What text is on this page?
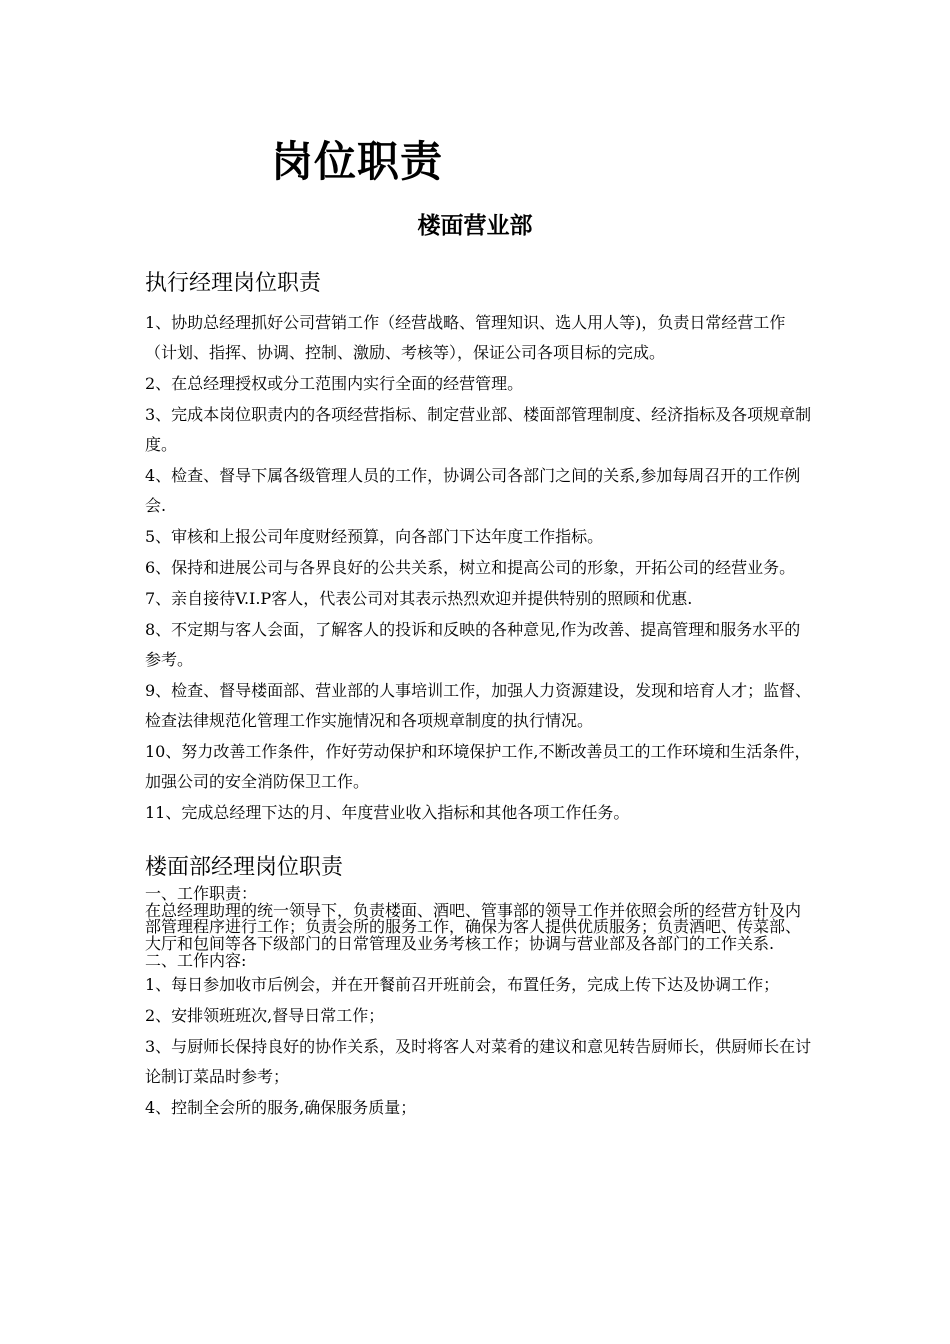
岗位职责
楼面营业部
执行经理岗位职责
1、协助总经理抓好公司营销工作（经营战略、管理知识、选人用人等)，负责日常经营工作（计划、指挥、协调、控制、激励、考核等），保证公司各项目标的完成。
2、在总经理授权或分工范围内实行全面的经营管理。
3、完成本岗位职责内的各项经营指标、制定营业部、楼面部管理制度、经济指标及各项规章制度。
4、检查、督导下属各级管理人员的工作，协调公司各部门之间的关系,参加每周召开的工作例会.
5、审核和上报公司年度财经预算，向各部门下达年度工作指标。
6、保持和进展公司与各界良好的公共关系，树立和提高公司的形象，开拓公司的经营业务。
7、亲自接待V.I.P客人，代表公司对其表示热烈欢迎并提供特别的照顾和优惠.
8、不定期与客人会面，了解客人的投诉和反映的各种意见,作为改善、提高管理和服务水平的参考。
9、检查、督导楼面部、营业部的人事培训工作，加强人力资源建设，发现和培育人才；监督、检查法律规范化管理工作实施情况和各项规章制度的执行情况。
10、努力改善工作条件，作好劳动保护和环境保护工作,不断改善员工的工作环境和生活条件，加强公司的安全消防保卫工作。
11、完成总经理下达的月、年度营业收入指标和其他各项工作任务。
楼面部经理岗位职责
一、工作职责：
在总经理助理的统一领导下，负责楼面、酒吧、管事部的领导工作并依照会所的经营方针及内部管理程序进行工作；负责会所的服务工作，确保为客人提供优质服务；负责酒吧、传菜部、大厅和包间等各下级部门的日常管理及业务考核工作；协调与营业部及各部门的工作关系.
二、工作内容:
1、每日参加收市后例会，并在开餐前召开班前会，布置任务，完成上传下达及协调工作；
2、安排领班班次,督导日常工作；
3、与厨师长保持良好的协作关系，及时将客人对菜肴的建议和意见转告厨师长，供厨师长在讨论制订菜品时参考；
4、控制全会所的服务,确保服务质量；
